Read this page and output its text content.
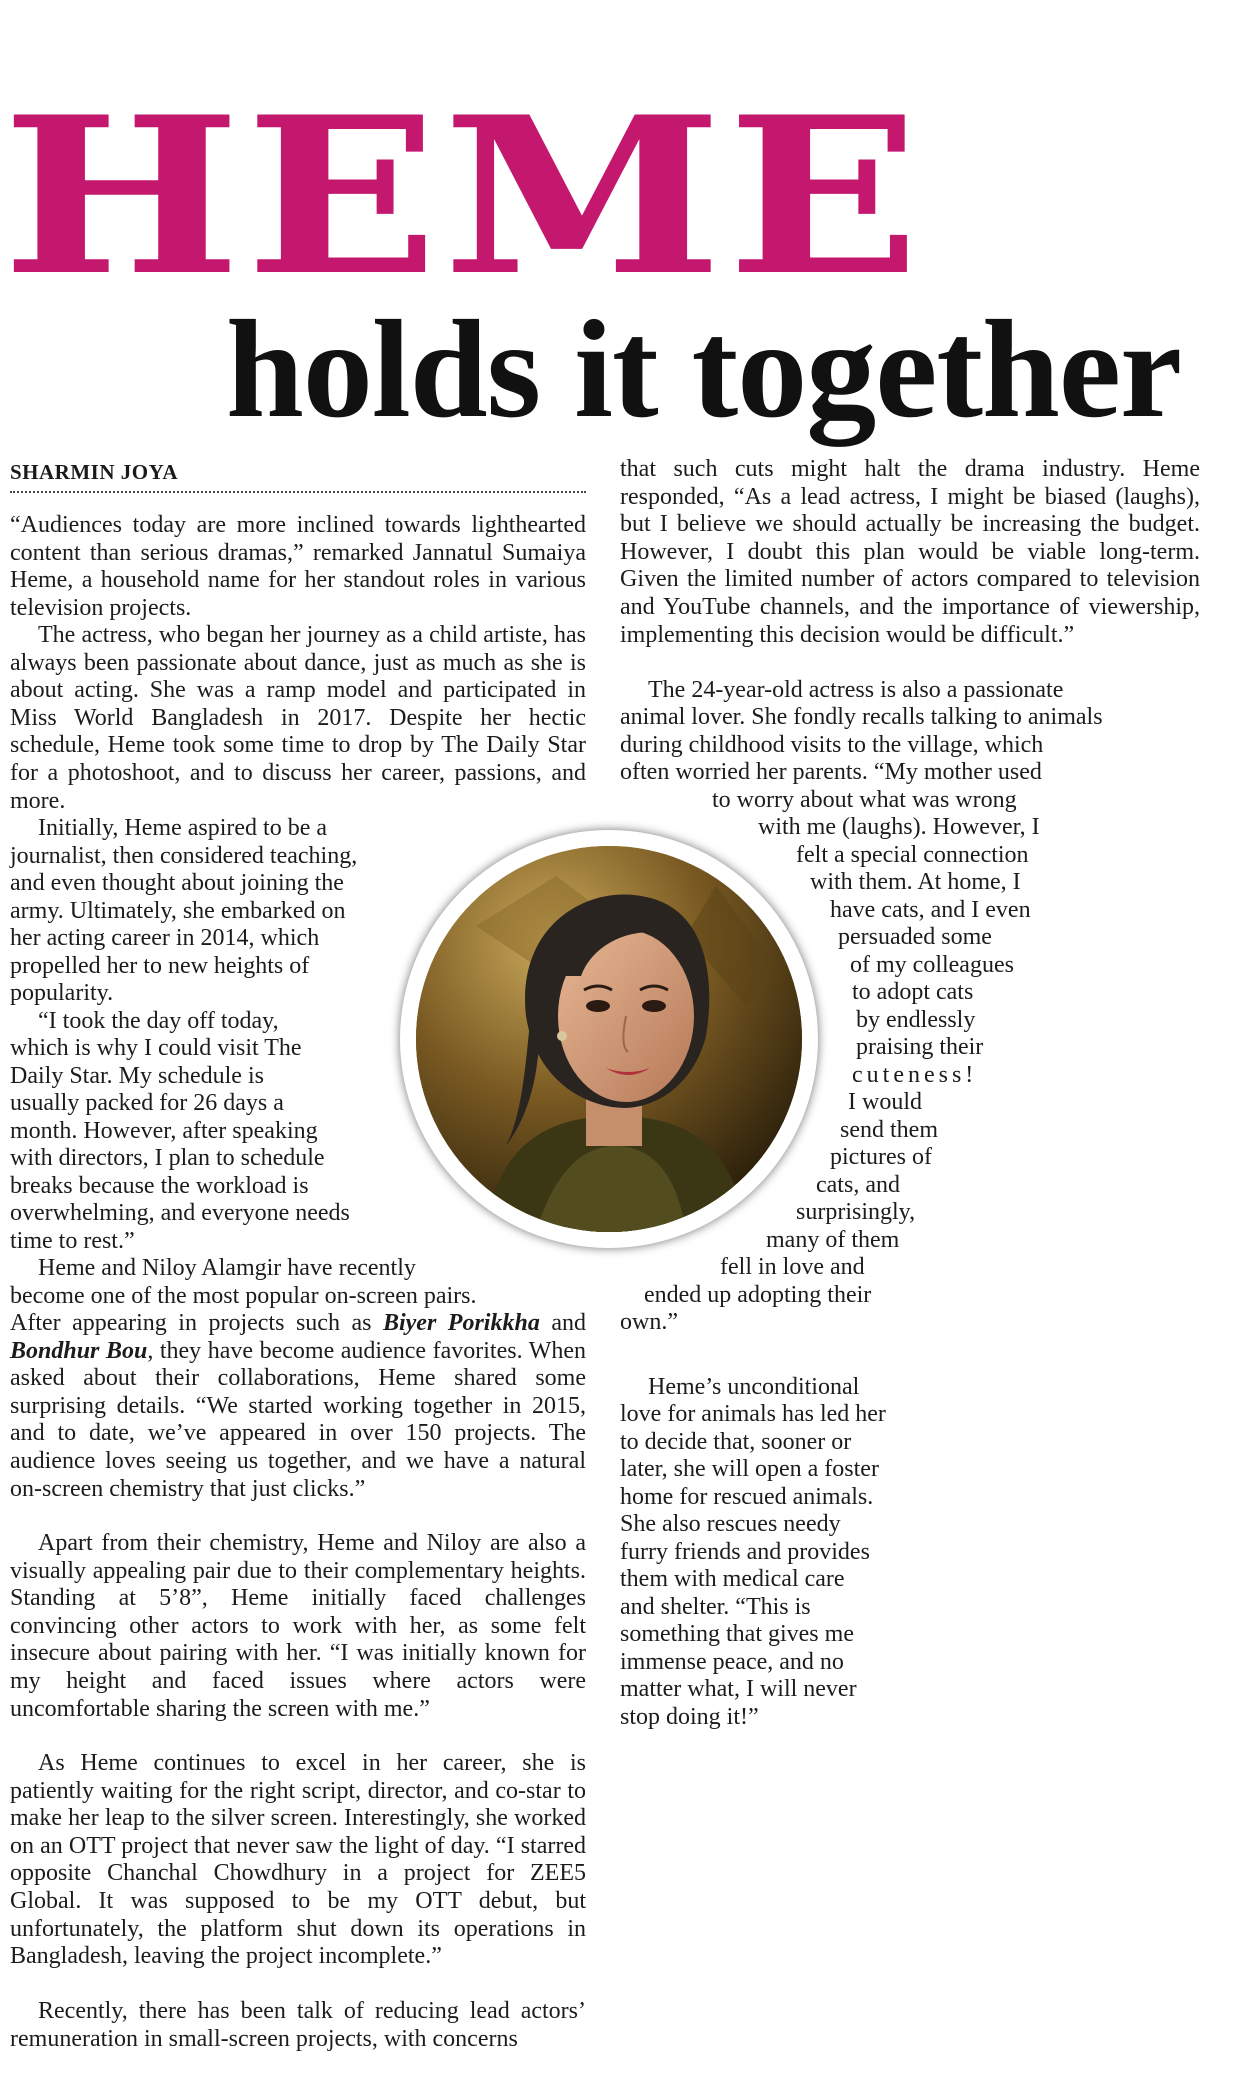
HEME
holds it together
SHARMIN JOYA

“Audiences today are more inclined towards lighthearted content than serious dramas,” remarked Jannatul Sumaiya Heme, a household name for her standout roles in various television projects.

The actress, who began her journey as a child artiste, has always been passionate about dance, just as much as she is about acting. She was a ramp model and participated in Miss World Bangladesh in 2017. Despite her hectic schedule, Heme took some time to drop by The Daily Star for a photoshoot, and to discuss her career, passions, and more.

Initially, Heme aspired to be a

journalist, then considered teaching,

and even thought about joining the

army. Ultimately, she embarked on

her acting career in 2014, which

propelled her to new heights of

popularity.

“I took the day off today,

which is why I could visit The

Daily Star. My schedule is

usually packed for 26 days a

month. However, after speaking

with directors, I plan to schedule

breaks because the workload is

overwhelming, and everyone needs

time to rest.”

Heme and Niloy Alamgir have recently

become one of the most popular on-screen pairs.

After appearing in projects such as Biyer Porikkha and Bondhur Bou, they have become audience favorites. When asked about their collaborations, Heme shared some surprising details. “We started working together in 2015, and to date, we’ve appeared in over 150 projects. The audience loves seeing us together, and we have a natural on-screen chemistry that just clicks.”

Apart from their chemistry, Heme and Niloy are also a visually appealing pair due to their complementary heights. Standing at 5’8”, Heme initially faced challenges convincing other actors to work with her, as some felt insecure about pairing with her. “I was initially known for my height and faced issues where actors were uncomfortable sharing the screen with me.”

As Heme continues to excel in her career, she is patiently waiting for the right script, director, and co-star to make her leap to the silver screen. Interestingly, she worked on an OTT project that never saw the light of day. “I starred opposite Chanchal Chowdhury in a project for ZEE5 Global. It was supposed to be my OTT debut, but unfortunately, the platform shut down its operations in Bangladesh, leaving the project incomplete.”

Recently, there has been talk of reducing lead actors’ remuneration in small-screen projects, with concerns

that such cuts might halt the drama industry. Heme responded, “As a lead actress, I might be biased (laughs), but I believe we should actually be increasing the budget. However, I doubt this plan would be viable long-term. Given the limited number of actors compared to television and YouTube channels, and the importance of viewership, implementing this decision would be difficult.”

The 24-year-old actress is also a passionate

animal lover. She fondly recalls talking to animals

during childhood visits to the village, which

often worried her parents. “My mother used

to worry about what was wrong

with me (laughs). However, I

felt a special connection

with them. At home, I

have cats, and I even

persuaded some

of my colleagues

to adopt cats

by endlessly

praising their

cuteness!

I would

send them

pictures of

cats, and

surprisingly,

many of them

fell in love and

ended up adopting their

own.”

Heme’s unconditional

love for animals has led her

to decide that, sooner or

later, she will open a foster

home for rescued animals.

She also rescues needy

furry friends and provides

them with medical care

and shelter. “This is

something that gives me

immense peace, and no

matter what, I will never

stop doing it!”
